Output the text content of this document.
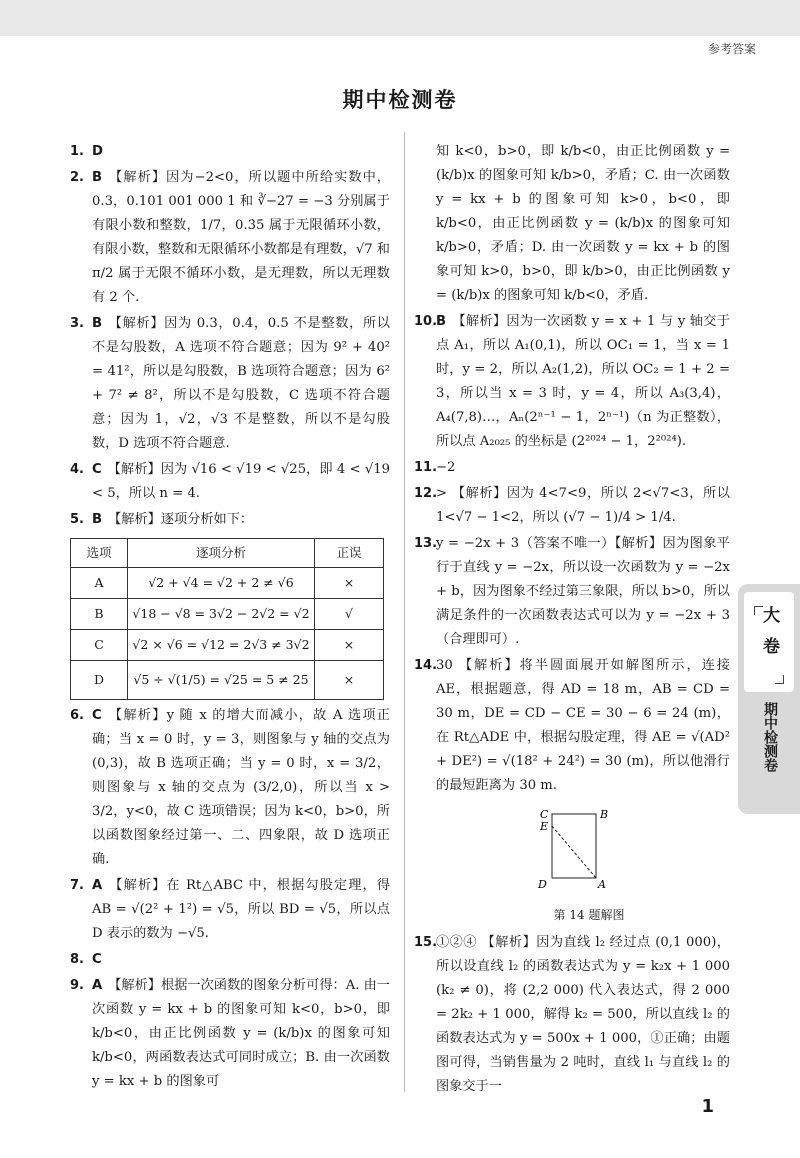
参考答案
期中检测卷
1. D
2. B 【解析】因为−2<0，所以题中所给实数中，0.3，0.101 001 000 1 和 ∛−27 = −3 分别属于有限小数和整数，1/7，0.3̇5̇ 属于无限循环小数，有限小数，整数和无限循环小数都是有理数，√7 和 π/2 属于无限不循环小数，是无理数，所以无理数有 2 个.
3. B 【解析】因为 0.3，0.4，0.5 不是整数，所以不是勾股数，A 选项不符合题意；因为 9² + 40² = 41²，所以是勾股数，B 选项符合题意；因为 6² + 7² ≠ 8²，所以不是勾股数，C 选项不符合题意；因为 1，√2，√3 不是整数，所以不是勾股数，D 选项不符合题意.
4. C 【解析】因为 √16 < √19 < √25，即 4 < √19 < 5，所以 n = 4.
5. B 【解析】逐项分析如下：
选项	逐项分析	正误
A	√2 + √4 = √2 + 2 ≠ √6	×
B	√18 − √8 = 3√2 − 2√2 = √2	√
C	√2 × √6 = √12 = 2√3 ≠ 3√2	×
D	√5 ÷ √(1/5) = √25 = 5 ≠ 25	×
6. C 【解析】y 随 x 的增大而减小，故 A 选项正确；当 x = 0 时，y = 3，则图象与 y 轴的交点为 (0,3)，故 B 选项正确；当 y = 0 时，x = 3/2，则图象与 x 轴的交点为 (3/2,0)，所以当 x > 3/2，y<0，故 C 选项错误；因为 k<0，b>0，所以函数图象经过第一、二、四象限，故 D 选项正确.
7. A 【解析】在 Rt△ABC 中，根据勾股定理，得 AB = √(2² + 1²) = √5，所以 BD = √5，所以点 D 表示的数为 −√5.
8. C
9. A 【解析】根据一次函数的图象分析可得：A. 由一次函数 y = kx + b 的图象可知 k<0，b>0，即 k/b<0，由正比例函数 y = (k/b)x 的图象可知 k/b<0，两函数表达式可同时成立；B. 由一次函数 y = kx + b 的图象可
知 k<0，b>0，即 k/b<0，由正比例函数 y = (k/b)x 的图象可知 k/b>0，矛盾；C. 由一次函数 y = kx + b 的图象可知 k>0，b<0，即 k/b<0，由正比例函数 y = (k/b)x 的图象可知 k/b>0，矛盾；D. 由一次函数 y = kx + b 的图象可知 k>0，b>0，即 k/b>0，由正比例函数 y = (k/b)x 的图象可知 k/b<0，矛盾.
10.
B 【解析】因为一次函数 y = x + 1 与 y 轴交于点 A₁，所以 A₁(0,1)，所以 OC₁ = 1，当 x = 1 时，y = 2，所以 A₂(1,2)，所以 OC₂ = 1 + 2 = 3，所以当 x = 3 时，y = 4，所以 A₃(3,4)，A₄(7,8)…，Aₙ(2ⁿ⁻¹ − 1，2ⁿ⁻¹)（n 为正整数），所以点 A₂₀₂₅ 的坐标是 (2²⁰²⁴ − 1，2²⁰²⁴).
11.
−2
12.
> 【解析】因为 4<7<9，所以 2<√7<3，所以 1<√7 − 1<2，所以 (√7 − 1)/4 > 1/4.
13.
y = −2x + 3（答案不唯一）【解析】因为图象平行于直线 y = −2x，所以设一次函数为 y = −2x + b，因为图象不经过第三象限，所以 b>0，所以满足条件的一次函数表达式可以为 y = −2x + 3（合理即可）.
14.
30 【解析】将半圆面展开如解图所示，连接 AE，根据题意，得 AD = 18 m，AB = CD = 30 m，DE = CD − CE = 30 − 6 = 24 (m)，在 Rt△ADE 中，根据勾股定理，得 AE = √(AD² + DE²) = √(18² + 24²) = 30 (m)，所以他滑行的最短距离为 30 m.
C	B
E
D	A
第 14 题解图
15.
①②④ 【解析】因为直线 l₂ 经过点 (0,1 000)，所以设直线 l₂ 的函数表达式为 y = k₂x + 1 000 (k₂ ≠ 0)，将 (2,2 000) 代入表达式，得 2 000 = 2k₂ + 1 000，解得 k₂ = 500，所以直线 l₂ 的函数表达式为 y = 500x + 1 000，①正确；由题图可得，当销售量为 2 吨时，直线 l₁ 与直线 l₂ 的图象交于一
大卷
期中检测卷
1
